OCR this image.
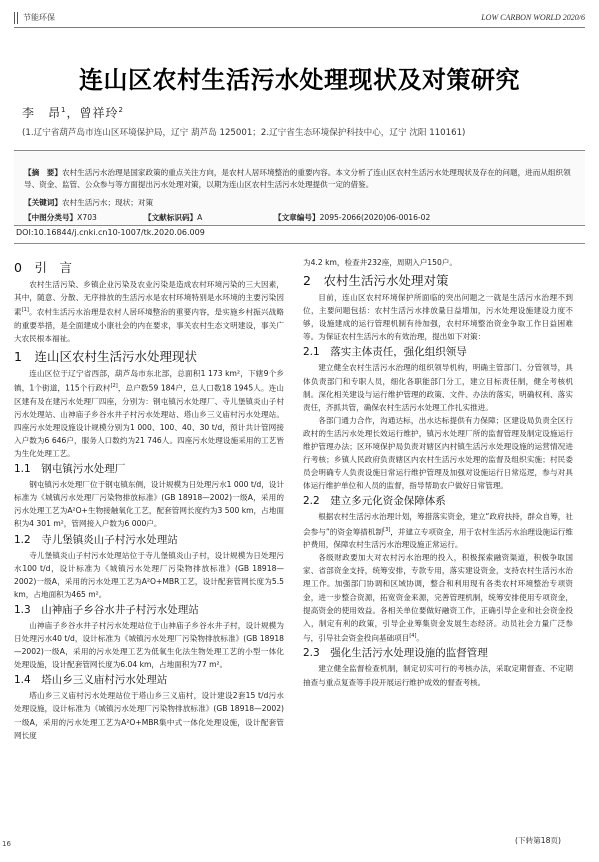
节能环保	LOW CARBON WORLD 2020/6
连山区农村生活污水处理现状及对策研究
李　昂$^1$，曾祥玲$^2$
(1.辽宁省葫芦岛市连山区环境保护局，辽宁 葫芦岛 125001；2.辽宁省生态环境保护科技中心，辽宁 沈阳 110161)
【摘　要】农村生活污水治理是国家政策的重点关注方向，是农村人居环境整治的重要内容。本文分析了连山区农村生活污水处理现状及存在的问题，进而从组织领导、资金、监管、公众参与等方面提出污水处理对策，以期为连山区农村生活污水处理提供一定的借鉴。
【关键词】农村生活污水；现状；对策
【中图分类号】X703	【文献标识码】A	【文章编号】2095-2066(2020)06-0016-02
DOI:10.16844/j.cnki.cn10-1007/tk.2020.06.009
0　引　言

农村生活污染、乡镇企业污染及农业污染是造成农村环境污染的三大因素，其中，随意、分散、无序排放的生活污水是农村环境特别是水环境的主要污染因素[1]。农村生活污水治理是农村人居环境整治的重要内容，是实施乡村振兴战略的重要举措，是全面建成小康社会的内在要求，事关农村生态文明建设，事关广大农民根本福祉。

1　连山区农村生活污水处理现状

连山区位于辽宁省西部，葫芦岛市东北部，总面积1 173 km²，下辖9个乡镇，1个街道，115个行政村[2]，总户数59 184户，总人口数18 1945人。连山区建有及在建污水处理厂四座，分别为：钢屯镇污水处理厂、寺儿堡镇炎山子村污水处理站、山神庙子乡谷水井子村污水处理站、塔山乡三义庙村污水处理站。四座污水处理设施设计规模分别为1 000、100、40、30 t/d，预计共计管网接入户数为6 646户，服务人口数约为21 746人。四座污水处理设施采用的工艺皆为生化处理工艺。

1.1　钢屯镇污水处理厂

钢屯镇污水处理厂位于钢屯镇东侧，设计规模为日处理污水1 000 t/d，设计标准为《城镇污水处理厂污染物排放标准》(GB 18918—2002)一级A，采用的污水处理工艺为A²O+生物接触氧化工艺，配套管网长度约为3 500 km，占地面积为4 301 m²，管网接入户数为6 000户。

1.2　寺儿堡镇炎山子村污水处理站

寺儿堡镇炎山子村污水处理站位于寺儿堡镇炎山子村，设计规模为日处理污水100 t/d，设计标准为《城镇污水处理厂污染物排放标准》(GB 18918—2002)一级A，采用的污水处理工艺为A²O+MBR工艺，设计配套管网长度为5.5 km，占地面积为465 m²。

1.3　山神庙子乡谷水井子村污水处理站

山神庙子乡谷水井子村污水处理站位于山神庙子乡谷水井子村，设计规模为日处理污水40 t/d，设计标准为《城镇污水处理厂污染物排放标准》(GB 18918—2002)一级A，采用的污水处理工艺为低氧生化法生物处理工艺的小型一体化处理设施，设计配套管网长度为6.04 km，占地面积为77 m²。

1.4　塔山乡三义庙村污水处理站

塔山乡三义庙村污水处理站位于塔山乡三义庙村，设计建设2套15 t/d污水处理设施，设计标准为《城镇污水处理厂污染物排放标准》(GB 18918—2002)一级A，采用的污水处理工艺为A²O+MBR集中式一体化处理设施，设计配套管网长度

为4.2 km，检查井232座，周期入户150户。

2　农村生活污水处理对策

目前，连山区农村环境保护所面临的突出问题之一就是生活污水治理不到位，主要问题包括：农村生活污水排放量日益增加，污水处理设施建设力度不够，设施建成的运行管理机制有待加强，农村环境整治资金争取工作日益困难等。为保证农村生活污水的有效治理，提出如下对策：

2.1　落实主体责任，强化组织领导

建立健全农村生活污水治理的组织领导机构，明确主管部门、分管领导，具体负责部门和专职人员，细化各职能部门分工，建立目标责任制，健全考核机制。深化相关建设与运行维护管理的政策、文件、办法的落实，明确权利、落实责任，齐抓共管，确保农村生活污水处理工作扎实推进。

各部门通力合作，沟通达标，出水达标提供有力保障；区建设局负责全区行政村的生活污水处理长效运行维护，镇污水处理厂所的监督管理及制定设施运行维护管理办法；区环境保护局负责对辖区内村镇生活污水处理设施的运营情况进行考核；乡镇人民政府负责辖区内农村生活污水处理的监督及组织实施；村民委员会明确专人负责设施日常运行维护管理及加强对设施运行日常巡逻，参与对具体运行维护单位和人员的监督，指导帮助农户做好日常管理。

2.2　建立多元化资金保障体系

根据农村生活污水治理计划，筹措落实资金，建立“政府扶持，群众自筹，社会参与”的资金筹措机制[3]，并建立专项资金，用于农村生活污水治理设施运行维护费用，保障农村生活污水治理设施正常运行。

各级财政要加大对农村污水治理的投入，积极探索融资渠道，积极争取国家、省部资金支持，统筹安排，专款专用，落实建设资金，支持农村生活污水治理工作。加强部门协调和区域协调，整合和利用现有各类农村环境整治专项资金，进一步整合资源，拓宽资金来源，完善管理机制，统筹安排使用专项资金，提高资金的使用效益。各相关单位要做好融资工作，正确引导企业和社会资金投入，制定有利的政策，引导企业筹集资金发展生态经济。动员社会力量广泛参与，引导社会资金投向基础项目[4]。

2.3　强化生活污水处理设施的监督管理

建立健全监督检查机制，制定切实可行的考核办法，采取定期督查、不定期抽查与重点复查等手段开展运行维护成效的督查考核。

(下转第18页)
16
